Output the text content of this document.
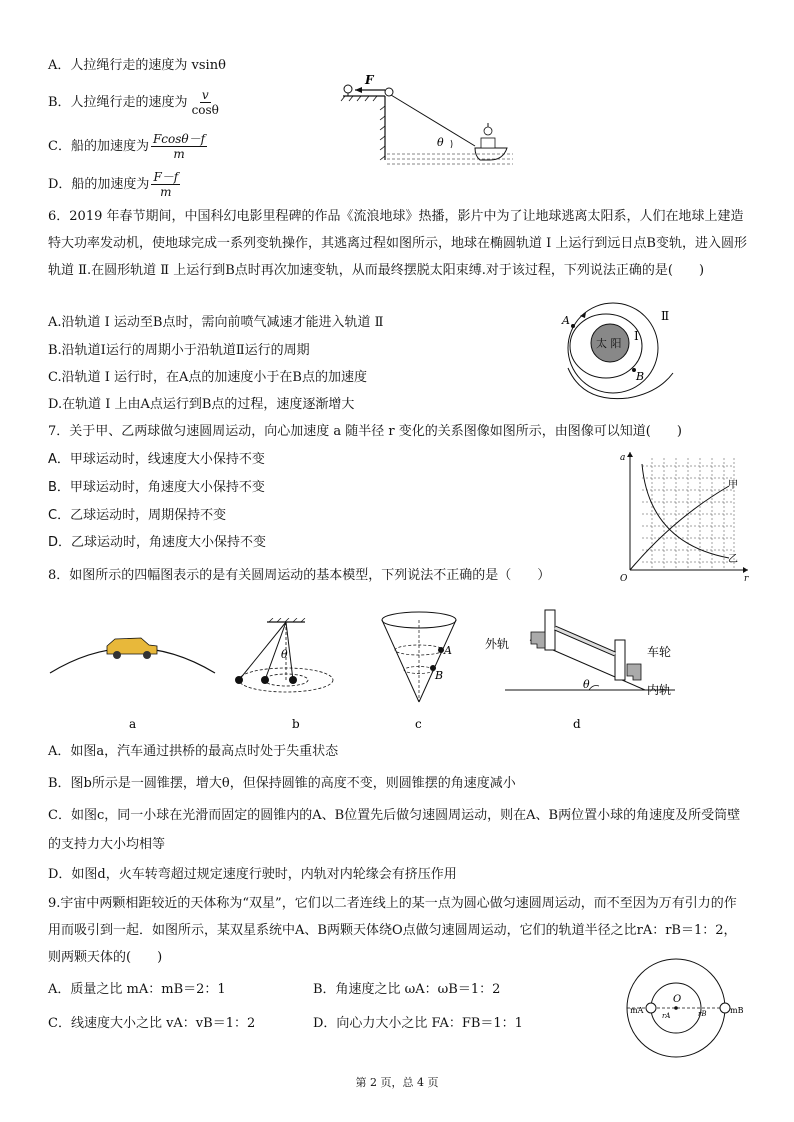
A．人拉绳行走的速度为 vsinθ
B．人拉绳行走的速度为 $\frac{v}{\cos\theta}$
C．船的加速度为 $\frac{Fcos\theta-f}{m}$
D．船的加速度为 $\frac{F-f}{m}$
F
θ
6．2019 年春节期间，中国科幻电影里程碑的作品《流浪地球》热播，影片中为了让地球逃离太阳系，人们在地球上建造特大功率发动机，使地球完成一系列变轨操作，其逃离过程如图所示，地球在椭圆轨道 Ⅰ 上运行到远日点B变轨，进入圆形轨道 Ⅱ.在圆形轨道 Ⅱ 上运行到B点时再次加速变轨，从而最终摆脱太阳束缚.对于该过程，下列说法正确的是(　　)
A.沿轨道 Ⅰ 运动至B点时，需向前喷气减速才能进入轨道 Ⅱ
B.沿轨道Ⅰ运行的周期小于沿轨道Ⅱ运行的周期
C.沿轨道 Ⅰ 运行时，在A点的加速度小于在B点的加速度
D.在轨道 Ⅰ 上由A点运行到B点的过程，速度逐渐增大
太 阳
A
B
Ⅰ
Ⅱ
7．关于甲、乙两球做匀速圆周运动，向心加速度 a 随半径 r 变化的关系图像如图所示，由图像可以知道(　　)
A．甲球运动时，线速度大小保持不变
B．甲球运动时，角速度大小保持不变
C．乙球运动时，周期保持不变
D．乙球运动时，角速度大小保持不变
a
r
O
甲
乙
8．如图所示的四幅图表示的是有关圆周运动的基本模型，下列说法不正确的是（　　）
a
θ
b
A
B
c
θ
外轨
车轮
内轨
d
A．如图a，汽车通过拱桥的最高点时处于失重状态
B．图b所示是一圆锥摆，增大θ，但保持圆锥的高度不变，则圆锥摆的角速度减小
C．如图c，同一小球在光滑而固定的圆锥内的A、B位置先后做匀速圆周运动，则在A、B两位置小球的角速度及所受筒壁的支持力大小均相等
D．如图d，火车转弯超过规定速度行驶时，内轨对内轮缘会有挤压作用
9.宇宙中两颗相距较近的天体称为“双星”，它们以二者连线上的某一点为圆心做匀速圆周运动，而不至因为万有引力的作用而吸引到一起．如图所示，某双星系统中A、B两颗天体绕O点做匀速圆周运动，它们的轨道半径之比rA：rB＝1：2，则两颗天体的(　　)
A．质量之比 mA：mB＝2：1	B．角速度之比 ωA：ωB＝1：2
C．线速度大小之比 vA：vB＝1：2	D．向心力大小之比 FA：FB＝1：1
O
mA	mB
rA	rB
第 2 页，总 4 页
